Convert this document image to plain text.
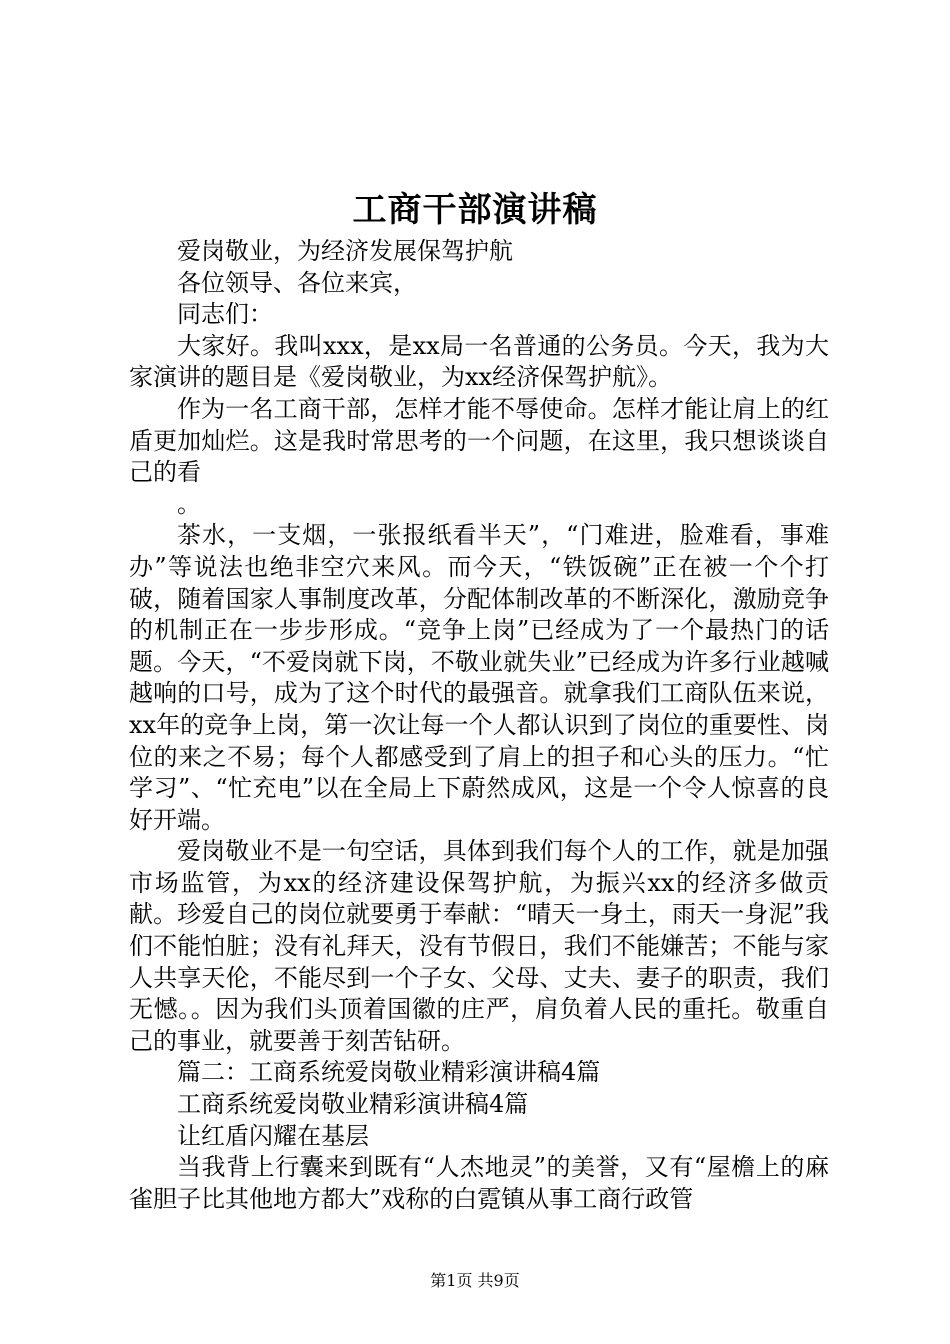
工商干部演讲稿

爱岗敬业，为经济发展保驾护航

各位领导、各位来宾，

同志们：

大家好。我叫xxx，是xx局一名普通的公务员。今天，我为大家演讲的题目是《爱岗敬业，为xx经济保驾护航》。

作为一名工商干部，怎样才能不辱使命。怎样才能让肩上的红盾更加灿烂。这是我时常思考的一个问题，在这里，我只想谈谈自己的看

。

茶水，一支烟，一张报纸看半天”，“门难进，脸难看，事难办”等说法也绝非空穴来风。而今天，“铁饭碗”正在被一个个打破，随着国家人事制度改革，分配体制改革的不断深化，激励竞争的机制正在一步步形成。“竞争上岗”已经成为了一个最热门的话题。今天，“不爱岗就下岗，不敬业就失业”已经成为许多行业越喊越响的口号，成为了这个时代的最强音。就拿我们工商队伍来说，xx年的竞争上岗，第一次让每一个人都认识到了岗位的重要性、岗位的来之不易；每个人都感受到了肩上的担子和心头的压力。“忙学习”、“忙充电”以在全局上下蔚然成风，这是一个令人惊喜的良好开端。

爱岗敬业不是一句空话，具体到我们每个人的工作，就是加强市场监管，为xx的经济建设保驾护航，为振兴xx的经济多做贡献。珍爱自己的岗位就要勇于奉献：“晴天一身土，雨天一身泥”我们不能怕脏；没有礼拜天，没有节假日，我们不能嫌苦；不能与家人共享天伦，不能尽到一个子女、父母、丈夫、妻子的职责，我们无憾。。因为我们头顶着国徽的庄严，肩负着人民的重托。敬重自己的事业，就要善于刻苦钻研。

篇二：工商系统爱岗敬业精彩演讲稿4篇

工商系统爱岗敬业精彩演讲稿4篇

让红盾闪耀在基层

当我背上行囊来到既有“人杰地灵”的美誉，又有“屋檐上的麻雀胆子比其他地方都大”戏称的白霓镇从事工商行政管

第1页 共9页
